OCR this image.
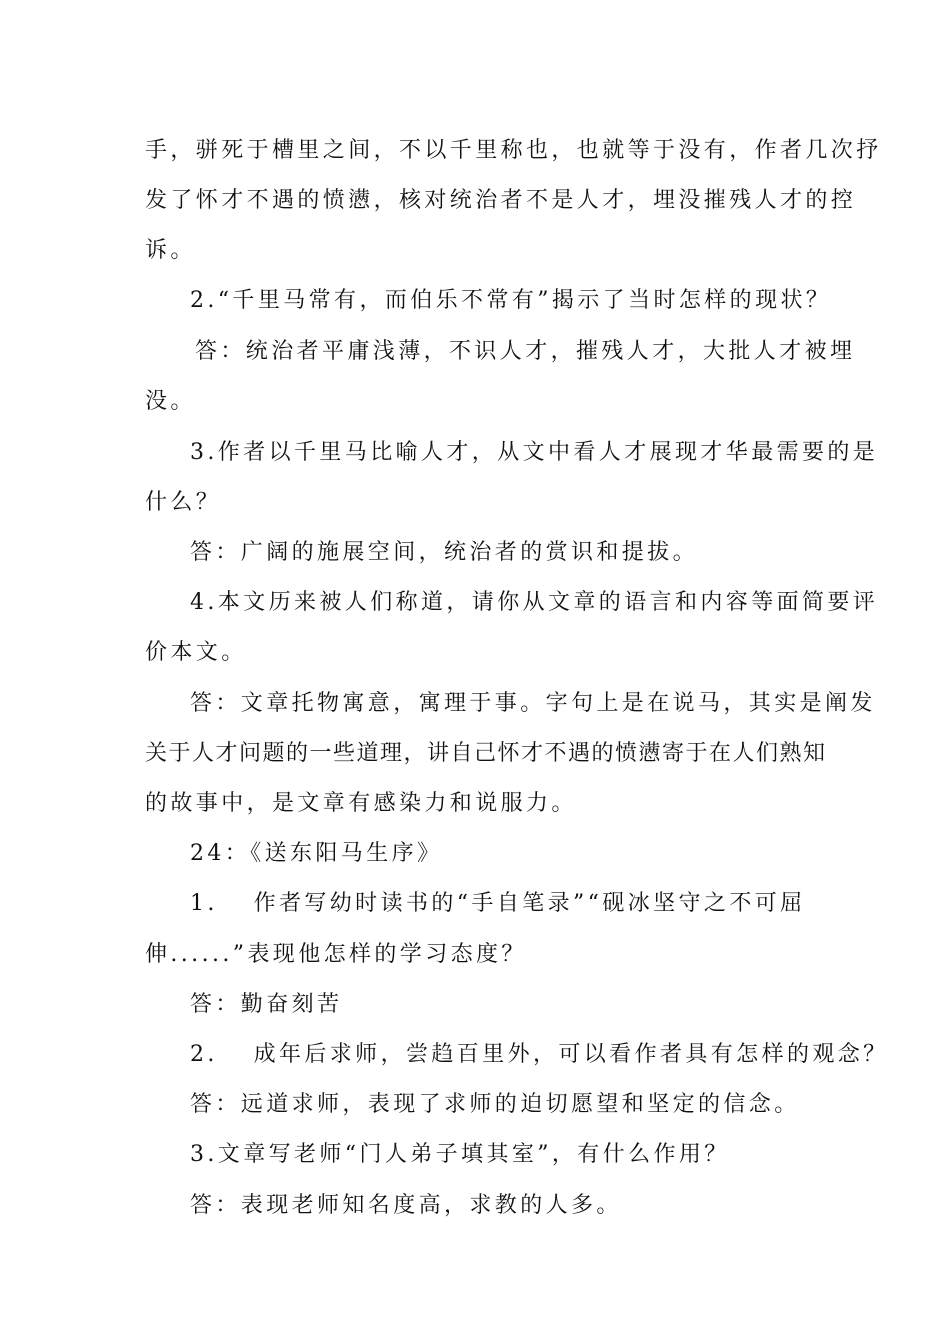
手，骈死于槽里之间，不以千里称也，也就等于没有，作者几次抒
发了怀才不遇的愤懑，核对统治者不是人才，埋没摧残人才的控
诉。
2.“千里马常有，而伯乐不常有”揭示了当时怎样的现状？
答：统治者平庸浅薄，不识人才，摧残人才，大批人才被埋
没。
3.作者以千里马比喻人才，从文中看人才展现才华最需要的是
什么？
答：广阔的施展空间，统治者的赏识和提拔。
4.本文历来被人们称道，请你从文章的语言和内容等面简要评
价本文。
答：文章托物寓意，寓理于事。字句上是在说马，其实是阐发
关于人才问题的一些道理，讲自己怀才不遇的愤懑寄于在人们熟知
的故事中，是文章有感染力和说服力。
24：《送东阳马生序》
1.　 作者写幼时读书的“手自笔录”“砚冰坚守之不可屈
伸......”表现他怎样的学习态度？
答：勤奋刻苦
2.　 成年后求师，尝趋百里外，可以看作者具有怎样的观念？
答：远道求师，表现了求师的迫切愿望和坚定的信念。
3.文章写老师“门人弟子填其室”，有什么作用？
答：表现老师知名度高，求教的人多。
